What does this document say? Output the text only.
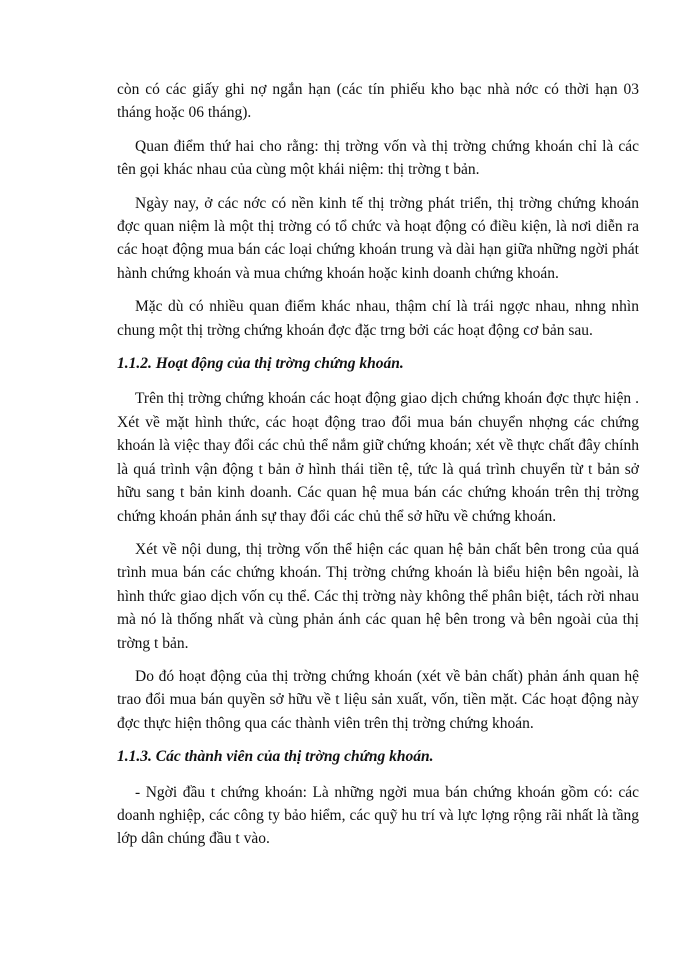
còn có các giấy ghi nợ ngắn hạn (các tín phiếu kho bạc nhà nớc có thời hạn 03 tháng hoặc 06 tháng).

Quan điểm thứ hai cho rằng: thị trờng vốn và thị trờng chứng khoán chỉ là các tên gọi khác nhau của cùng một khái niệm: thị trờng t bản.

Ngày nay, ở các nớc có nền kinh tế thị trờng phát triển, thị trờng chứng khoán đợc quan niệm là một thị trờng có tổ chức và hoạt động có điều kiện, là nơi diễn ra các hoạt động mua bán các loại chứng khoán trung và dài hạn giữa những ngời phát hành chứng khoán và mua chứng khoán hoặc kinh doanh chứng khoán.

Mặc dù có nhiều quan điểm khác nhau, thậm chí là trái ngợc nhau, nhng nhìn chung một thị trờng chứng khoán đợc đặc trng bởi các hoạt động cơ bản sau.

1.1.2. Hoạt động của thị trờng chứng khoán.

Trên thị trờng chứng khoán các hoạt động giao dịch chứng khoán đợc thực hiện . Xét về mặt hình thức, các hoạt động trao đổi mua bán chuyển nhợng các chứng khoán là việc thay đổi các chủ thể nắm giữ chứng khoán; xét về thực chất đây chính là quá trình vận động t bản ở hình thái tiền tệ, tức là quá trình chuyển từ t bản sở hữu sang t bản kinh doanh. Các quan hệ mua bán các chứng khoán trên thị trờng chứng khoán phản ánh sự thay đổi các chủ thể sở hữu về chứng khoán.

Xét về nội dung, thị trờng vốn thể hiện các quan hệ bản chất bên trong của quá trình mua bán các chứng khoán. Thị trờng chứng khoán là biểu hiện bên ngoài, là hình thức giao dịch vốn cụ thể. Các thị trờng này không thể phân biệt, tách rời nhau mà nó là thống nhất và cùng phản ánh các quan hệ bên trong và bên ngoài của thị trờng t bản.

Do đó hoạt động của thị trờng chứng khoán (xét về bản chất) phản ánh quan hệ trao đổi mua bán quyền sở hữu về t liệu sản xuất, vốn, tiền mặt. Các hoạt động này đợc thực hiện thông qua các thành viên trên thị trờng chứng khoán.

1.1.3. Các thành viên của thị trờng chứng khoán.

- Ngời đầu t chứng khoán: Là những ngời mua bán chứng khoán gồm có: các doanh nghiệp, các công ty bảo hiểm, các quỹ hu trí và lực lợng rộng rãi nhất là tầng lớp dân chúng đầu t vào.
